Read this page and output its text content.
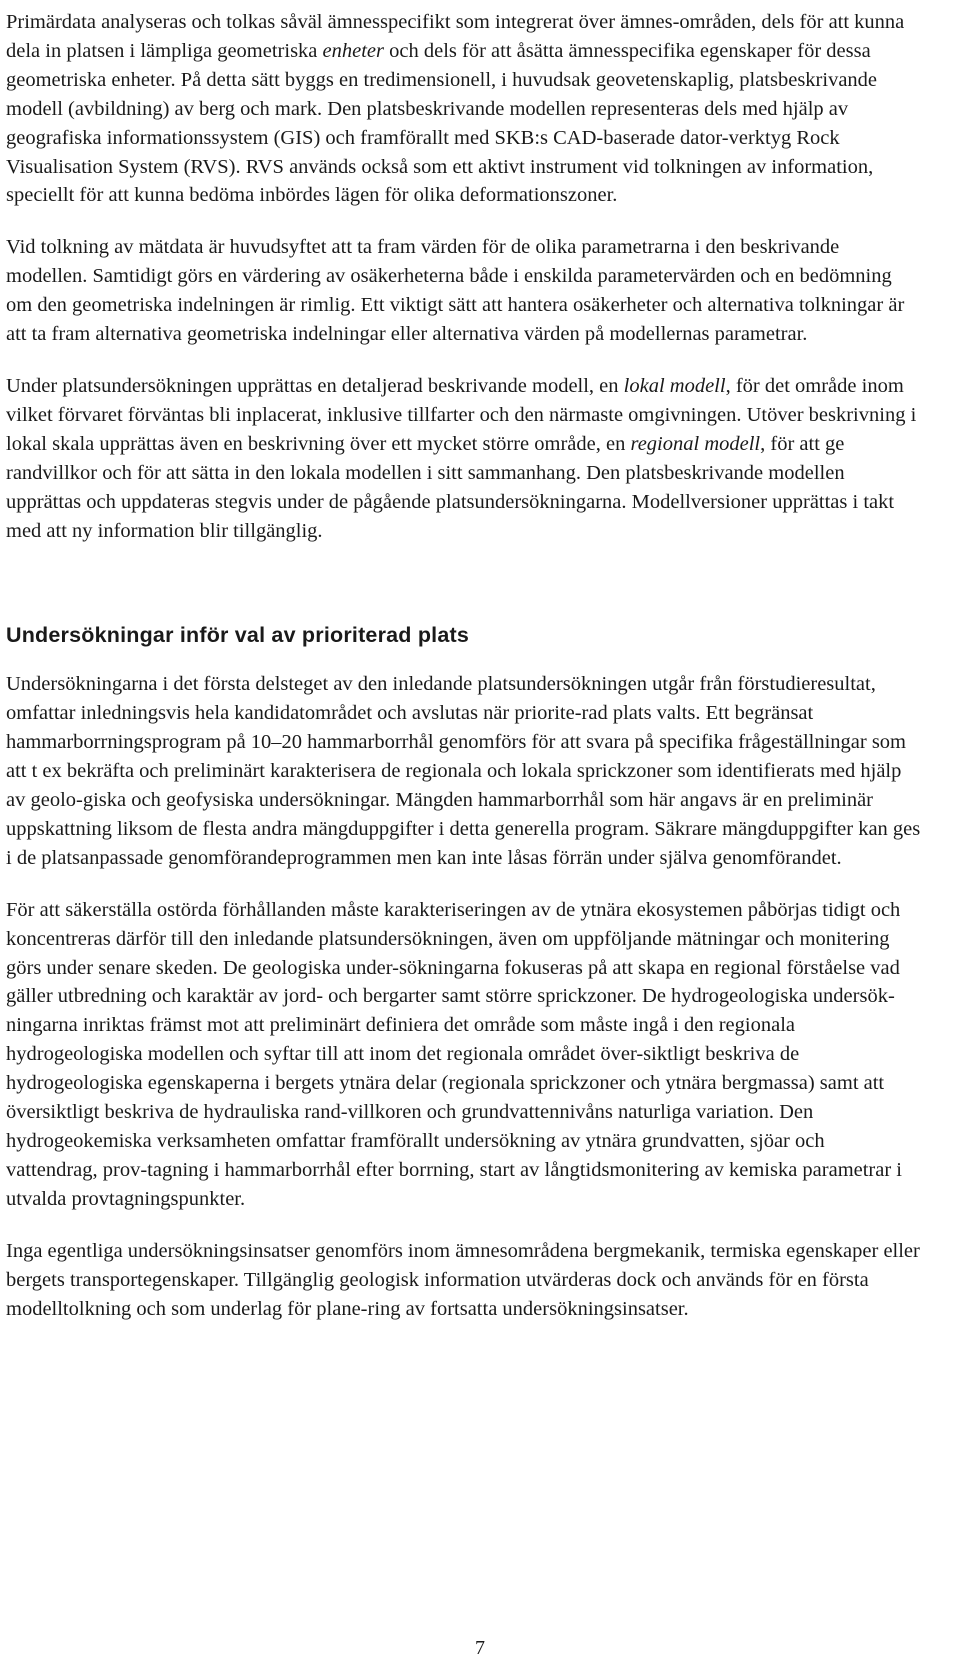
Primärdata analyseras och tolkas såväl ämnesspecifikt som integrerat över ämnes-områden, dels för att kunna dela in platsen i lämpliga geometriska enheter och dels för att åsätta ämnesspecifika egenskaper för dessa geometriska enheter. På detta sätt byggs en tredimensionell, i huvudsak geovetenskaplig, platsbeskrivande modell (avbildning) av berg och mark. Den platsbeskrivande modellen representeras dels med hjälp av geografiska informationssystem (GIS) och framförallt med SKB:s CAD-baserade dator-verktyg Rock Visualisation System (RVS). RVS används också som ett aktivt instrument vid tolkningen av information, speciellt för att kunna bedöma inbördes lägen för olika deformationszoner.

Vid tolkning av mätdata är huvudsyftet att ta fram värden för de olika parametrarna i den beskrivande modellen. Samtidigt görs en värdering av osäkerheterna både i enskilda parametervärden och en bedömning om den geometriska indelningen är rimlig. Ett viktigt sätt att hantera osäkerheter och alternativa tolkningar är att ta fram alternativa geometriska indelningar eller alternativa värden på modellernas parametrar.

Under platsundersökningen upprättas en detaljerad beskrivande modell, en lokal modell, för det område inom vilket förvaret förväntas bli inplacerat, inklusive tillfarter och den närmaste omgivningen. Utöver beskrivning i lokal skala upprättas även en beskrivning över ett mycket större område, en regional modell, för att ge randvillkor och för att sätta in den lokala modellen i sitt sammanhang. Den platsbeskrivande modellen upprättas och uppdateras stegvis under de pågående platsundersökningarna. Modellversioner upprättas i takt med att ny information blir tillgänglig.

Undersökningar inför val av prioriterad plats

Undersökningarna i det första delsteget av den inledande platsundersökningen utgår från förstudieresultat, omfattar inledningsvis hela kandidatområdet och avslutas när priorite-rad plats valts. Ett begränsat hammarborrningsprogram på 10–20 hammarborrhål genomförs för att svara på specifika frågeställningar som att t ex bekräfta och preliminärt karakterisera de regionala och lokala sprickzoner som identifierats med hjälp av geolo-giska och geofysiska undersökningar. Mängden hammarborrhål som här angavs är en preliminär uppskattning liksom de flesta andra mängduppgifter i detta generella program. Säkrare mängduppgifter kan ges i de platsanpassade genomförandeprogrammen men kan inte låsas förrän under själva genomförandet.

För att säkerställa ostörda förhållanden måste karakteriseringen av de ytnära ekosystemen påbörjas tidigt och koncentreras därför till den inledande platsundersökningen, även om uppföljande mätningar och monitering görs under senare skeden. De geologiska under-sökningarna fokuseras på att skapa en regional förståelse vad gäller utbredning och karaktär av jord- och bergarter samt större sprickzoner. De hydrogeologiska undersök-ningarna inriktas främst mot att preliminärt definiera det område som måste ingå i den regionala hydrogeologiska modellen och syftar till att inom det regionala området över-siktligt beskriva de hydrogeologiska egenskaperna i bergets ytnära delar (regionala sprickzoner och ytnära bergmassa) samt att översiktligt beskriva de hydrauliska rand-villkoren och grundvattennivåns naturliga variation. Den hydrogeokemiska verksamheten omfattar framförallt undersökning av ytnära grundvatten, sjöar och vattendrag, prov-tagning i hammarborrhål efter borrning, start av långtidsmonitering av kemiska parametrar i utvalda provtagningspunkter.

Inga egentliga undersökningsinsatser genomförs inom ämnesområdena bergmekanik, termiska egenskaper eller bergets transportegenskaper. Tillgänglig geologisk information utvärderas dock och används för en första modelltolkning och som underlag för plane-ring av fortsatta undersökningsinsatser.

7
